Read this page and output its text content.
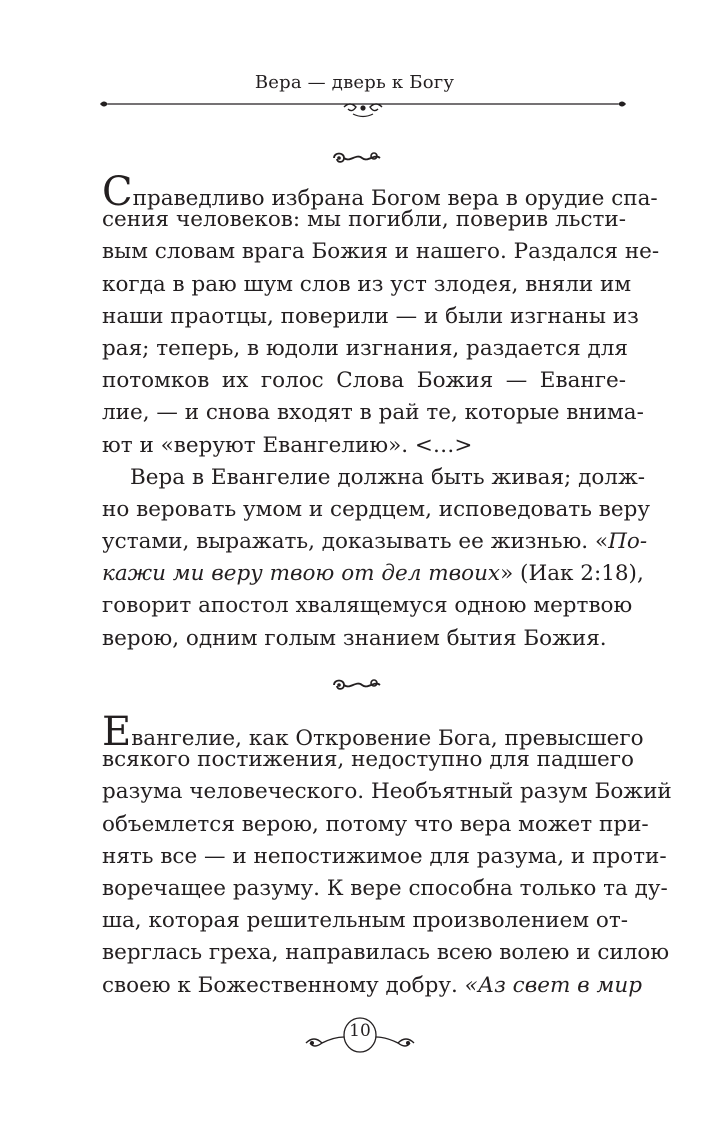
Вера — дверь к Богу
Справедливо избрана Богом вера в орудие спа-
сения человеков: мы погибли, поверив льсти-
вым словам врага Божия и нашего. Раздался не-
когда в раю шум слов из уст злодея, вняли им
наши праотцы, поверили — и были изгнаны из
рая; теперь, в юдоли изгнания, раздается для
потомков их голос Слова Божия — Еванге-
лие, — и снова входят в рай те, которые внима-
ют и «веруют Евангелию». <…>
Вера в Евангелие должна быть живая; долж-
но веровать умом и сердцем, исповедовать веру
устами, выражать, доказывать ее жизнью. «По-
кажи ми веру твою от дел твоих» (Иак 2:18),
говорит апостол хвалящемуся одною мертвою
верою, одним голым знанием бытия Божия.
Евангелие, как Откровение Бога, превысшего
всякого постижения, недоступно для падшего
разума человеческого. Необъятный разум Божий
объемлется верою, потому что вера может при-
нять все — и непостижимое для разума, и проти-
воречащее разуму. К вере способна только та ду-
ша, которая решительным произволением от-
верглась греха, направилась всею волею и силою
своею к Божественному добру. «Аз свет в мир
10
